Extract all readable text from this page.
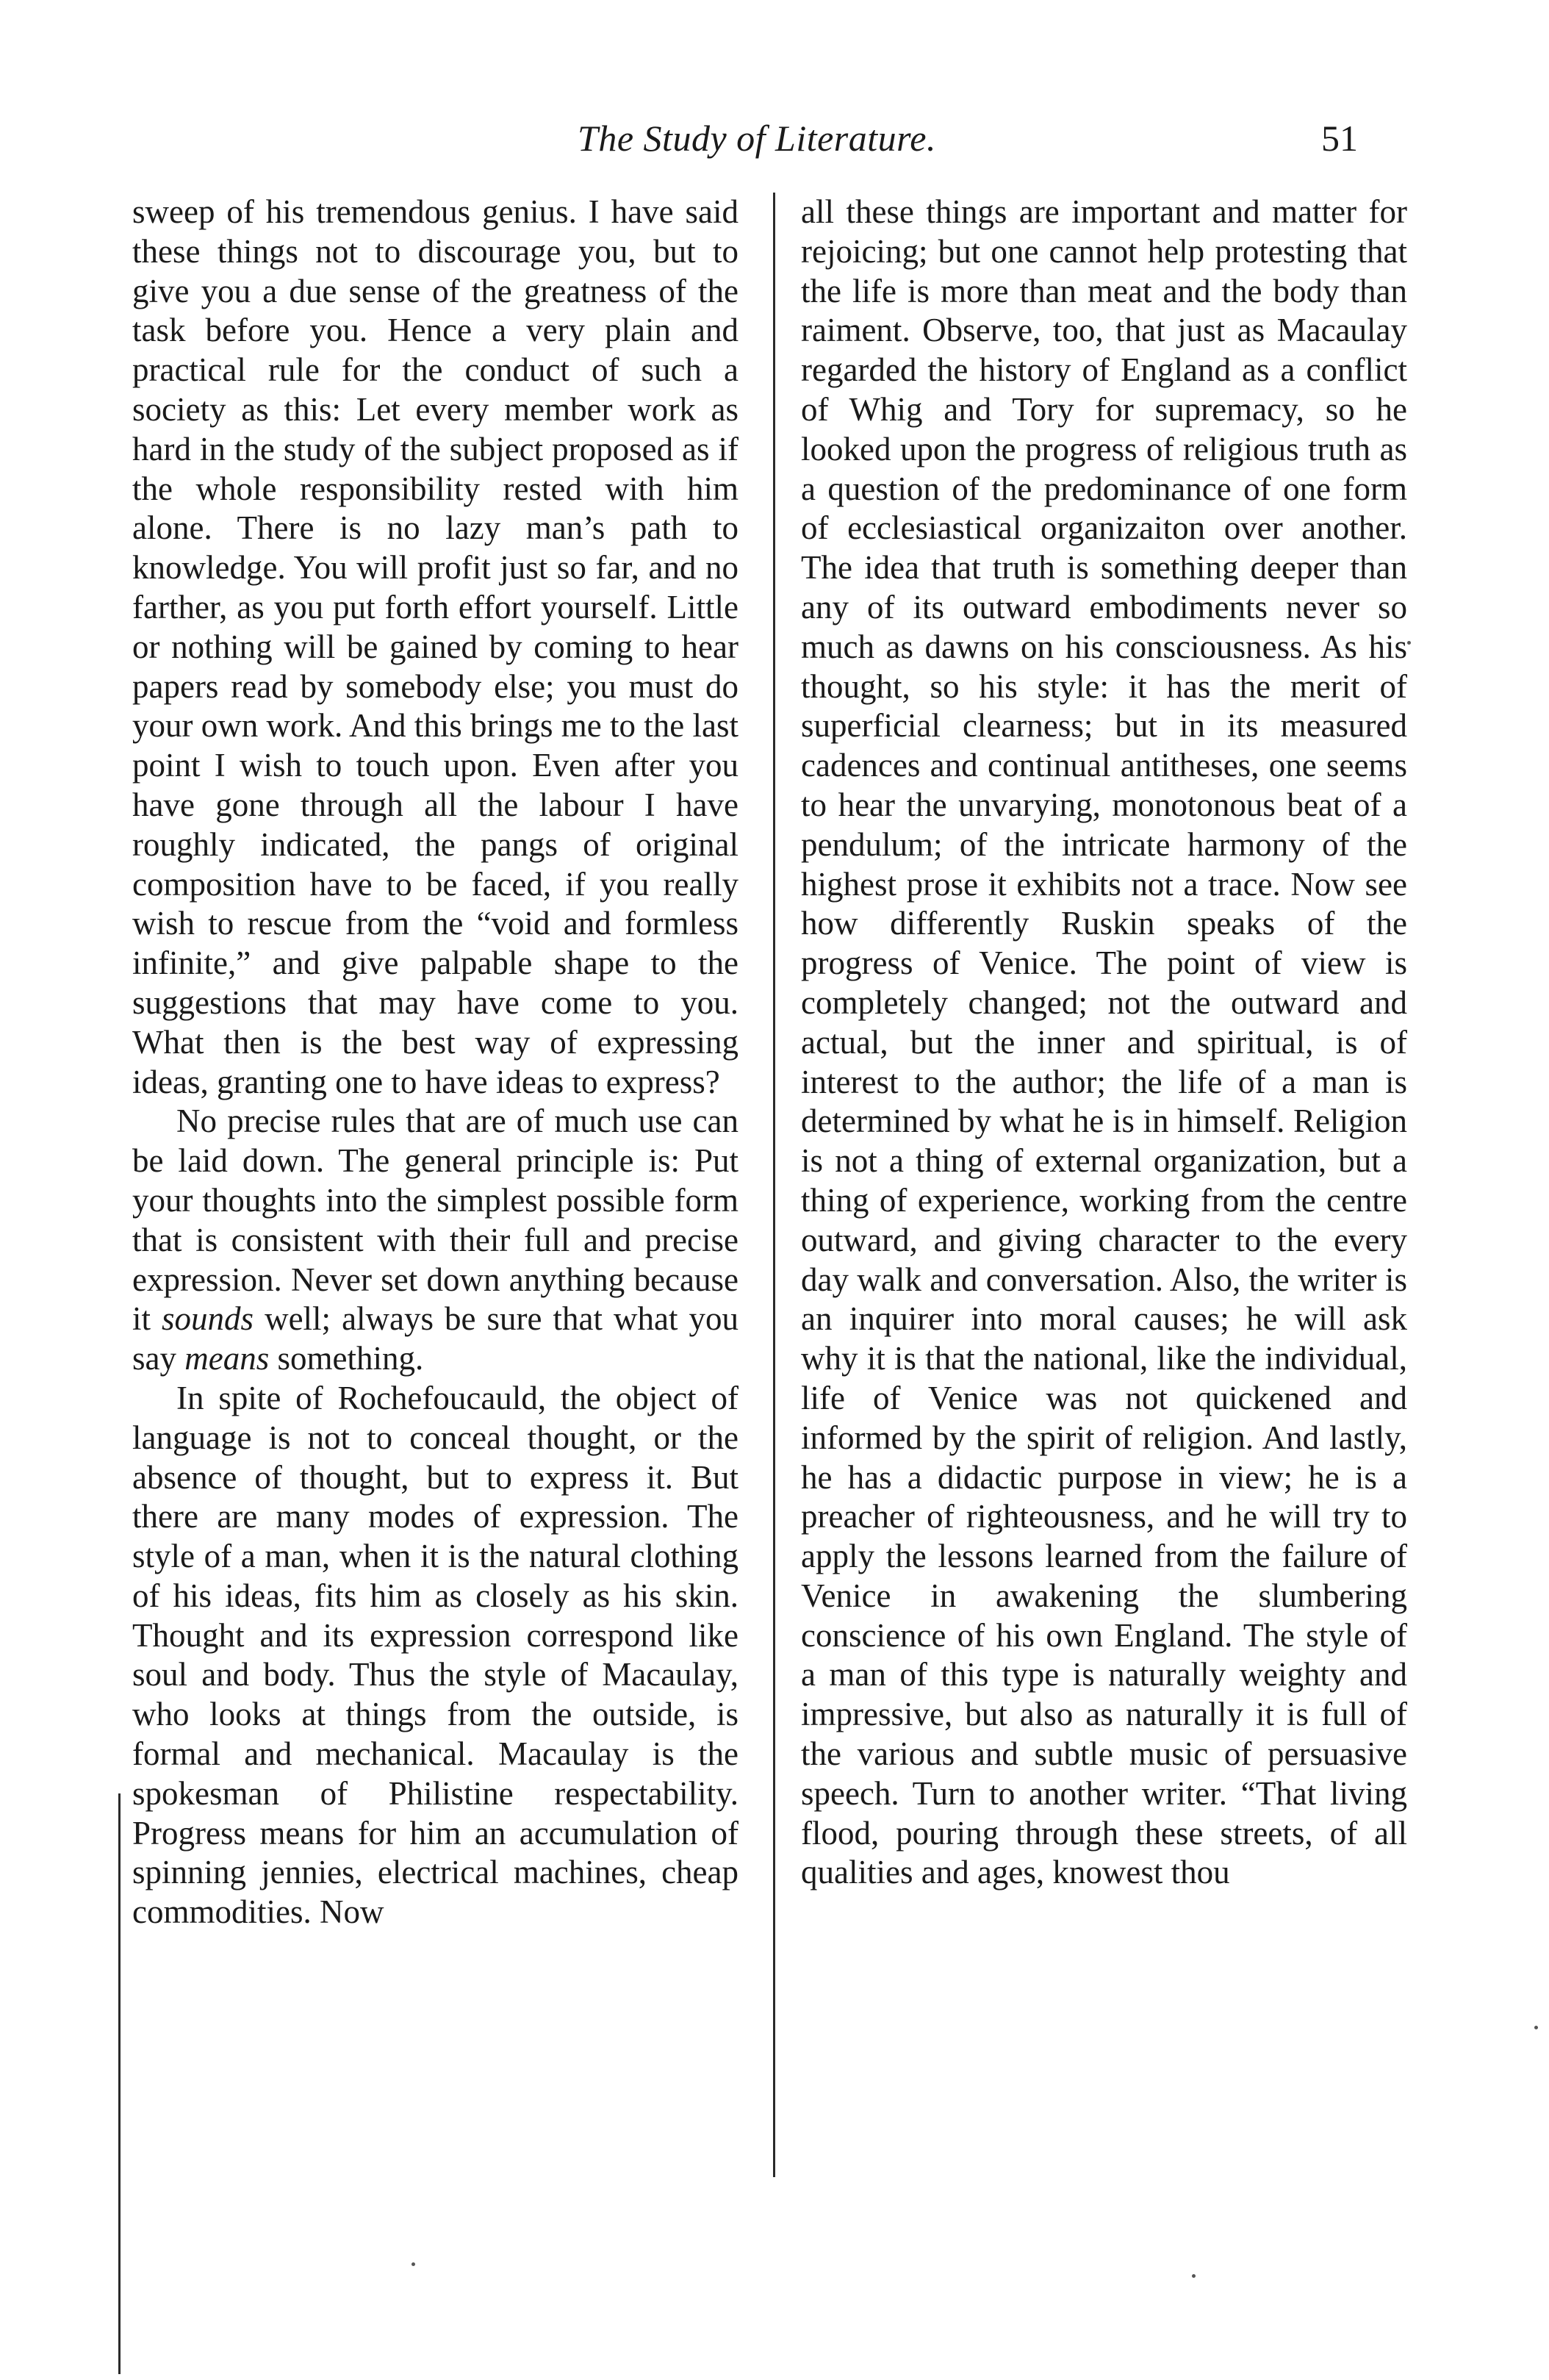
The Study of Literature.	51

sweep of his tremendous genius. I have said these things not to discourage you, but to give you a due sense of the greatness of the task before you. Hence a very plain and practical rule for the conduct of such a society as this: Let every member work as hard in the study of the subject proposed as if the whole responsibility rested with him alone. There is no lazy man’s path to knowledge. You will profit just so far, and no farther, as you put forth effort yourself. Little or nothing will be gained by coming to hear papers read by somebody else; you must do your own work. And this brings me to the last point I wish to touch upon. Even after you have gone through all the labour I have roughly indicated, the pangs of original composition have to be faced, if you really wish to rescue from the “void and formless infinite,” and give palpable shape to the suggestions that may have come to you. What then is the best way of expressing ideas, granting one to have ideas to express?

No precise rules that are of much use can be laid down. The general principle is: Put your thoughts into the simplest possible form that is consistent with their full and precise expression. Never set down anything because it sounds well; always be sure that what you say means something.

In spite of Rochefoucauld, the object of language is not to conceal thought, or the absence of thought, but to express it. But there are many modes of expression. The style of a man, when it is the natural clothing of his ideas, fits him as closely as his skin. Thought and its expression correspond like soul and body. Thus the style of Macaulay, who looks at things from the outside, is formal and mechanical. Macaulay is the spokesman of Philistine respectability. Progress means for him an accumulation of spinning jennies, electrical machines, cheap commodities. Now

all these things are important and matter for rejoicing; but one cannot help protesting that the life is more than meat and the body than raiment. Observe, too, that just as Macaulay regarded the history of England as a conflict of Whig and Tory for supremacy, so he looked upon the progress of religious truth as a question of the predominance of one form of ecclesiastical organizaiton over another. The idea that truth is something deeper than any of its outward embodiments never so much as dawns on his consciousness. As his thought, so his style: it has the merit of superficial clearness; but in its measured cadences and continual antitheses, one seems to hear the unvarying, monotonous beat of a pendulum; of the intricate harmony of the highest prose it exhibits not a trace. Now see how differently Ruskin speaks of the progress of Venice. The point of view is completely changed; not the outward and actual, but the inner and spiritual, is of interest to the author; the life of a man is determined by what he is in himself. Religion is not a thing of external organization, but a thing of experience, working from the centre outward, and giving character to the every day walk and conversation. Also, the writer is an inquirer into moral causes; he will ask why it is that the national, like the individual, life of Venice was not quickened and informed by the spirit of religion. And lastly, he has a didactic purpose in view; he is a preacher of righteousness, and he will try to apply the lessons learned from the failure of Venice in awakening the slumbering conscience of his own England. The style of a man of this type is naturally weighty and impressive, but also as naturally it is full of the various and subtle music of persuasive speech. Turn to another writer. “That living flood, pouring through these streets, of all qualities and ages, knowest thou
